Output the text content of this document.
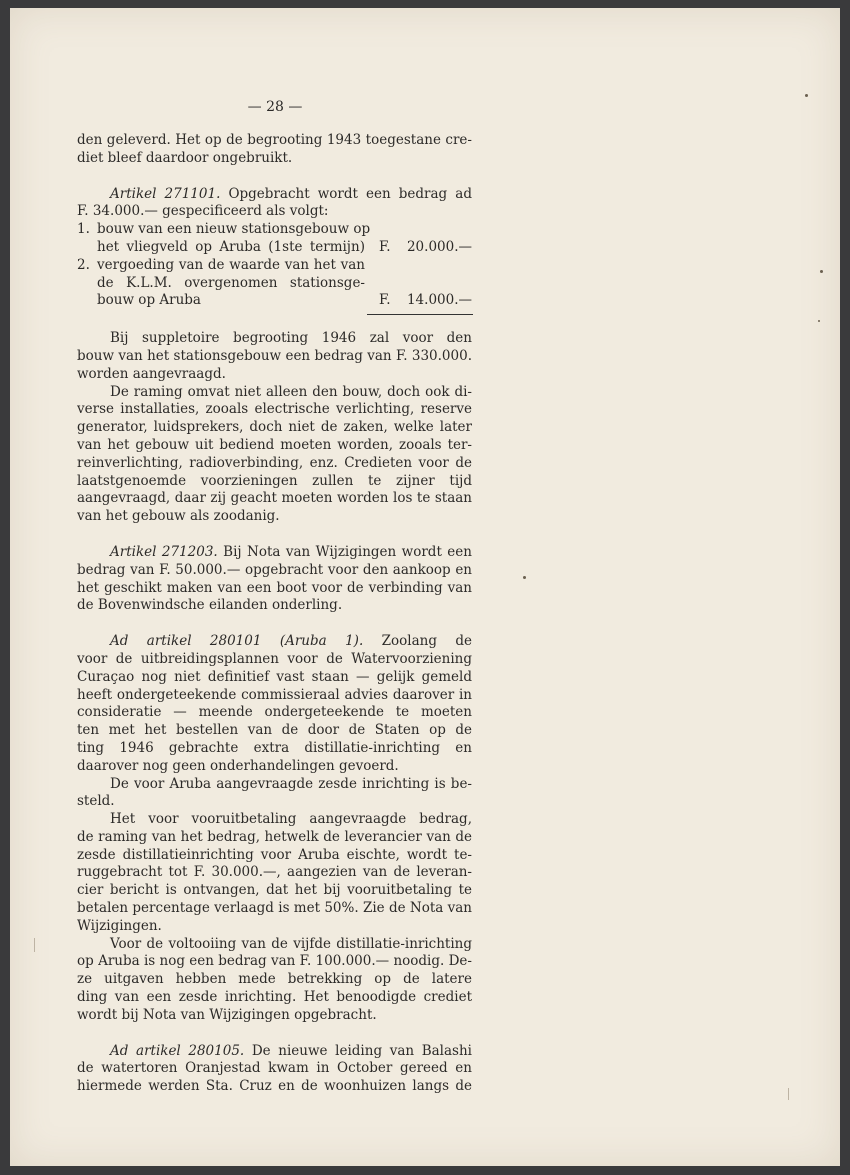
— 28 —
den geleverd. Het op de begrooting 1943 toegestane cre-
diet bleef daardoor ongebruikt.
Artikel 271101. Opgebracht wordt een bedrag ad
F. 34.000.— gespecificeerd als volgt:
1. bouw van een nieuw stationsgebouw op
het vliegveld op Aruba (1ste termijn)	F.	20.000.—
2. vergoeding van de waarde van het van
de K.L.M. overgenomen stationsge-
bouw op Aruba	F.	14.000.—
Bij suppletoire begrooting 1946 zal voor den
bouw van het stationsgebouw een bedrag van F. 330.000.
worden aangevraagd.
De raming omvat niet alleen den bouw, doch ook di-
verse installaties, zooals electrische verlichting, reserve
generator, luidsprekers, doch niet de zaken, welke later
van het gebouw uit bediend moeten worden, zooals ter-
reinverlichting, radioverbinding, enz. Credieten voor de
laatstgenoemde voorzieningen zullen te zijner tijd
aangevraagd, daar zij geacht moeten worden los te staan
van het gebouw als zoodanig.
Artikel 271203. Bij Nota van Wijzigingen wordt een
bedrag van F. 50.000.— opgebracht voor den aankoop en
het geschikt maken van een boot voor de verbinding van
de Bovenwindsche eilanden onderling.
Ad artikel 280101 (Aruba 1). Zoolang de
voor de uitbreidingsplannen voor de Watervoorziening
Curaçao nog niet definitief vast staan — gelijk gemeld
heeft ondergeteekende commissieraal advies daarover in
consideratie — meende ondergeteekende te moeten
ten met het bestellen van de door de Staten op de
ting 1946 gebrachte extra distillatie-inrichting en
daarover nog geen onderhandelingen gevoerd.
De voor Aruba aangevraagde zesde inrichting is be-
steld.
Het voor vooruitbetaling aangevraagde bedrag,
de raming van het bedrag, hetwelk de leverancier van de
zesde distillatieinrichting voor Aruba eischte, wordt te-
ruggebracht tot F. 30.000.—, aangezien van de leveran-
cier bericht is ontvangen, dat het bij vooruitbetaling te
betalen percentage verlaagd is met 50%. Zie de Nota van
Wijzigingen.
Voor de voltooiing van de vijfde distillatie-inrichting
op Aruba is nog een bedrag van F. 100.000.— noodig. De-
ze uitgaven hebben mede betrekking op de latere
ding van een zesde inrichting. Het benoodigde crediet
wordt bij Nota van Wijzigingen opgebracht.
Ad artikel 280105. De nieuwe leiding van Balashi
de watertoren Oranjestad kwam in October gereed en
hiermede werden Sta. Cruz en de woonhuizen langs de
